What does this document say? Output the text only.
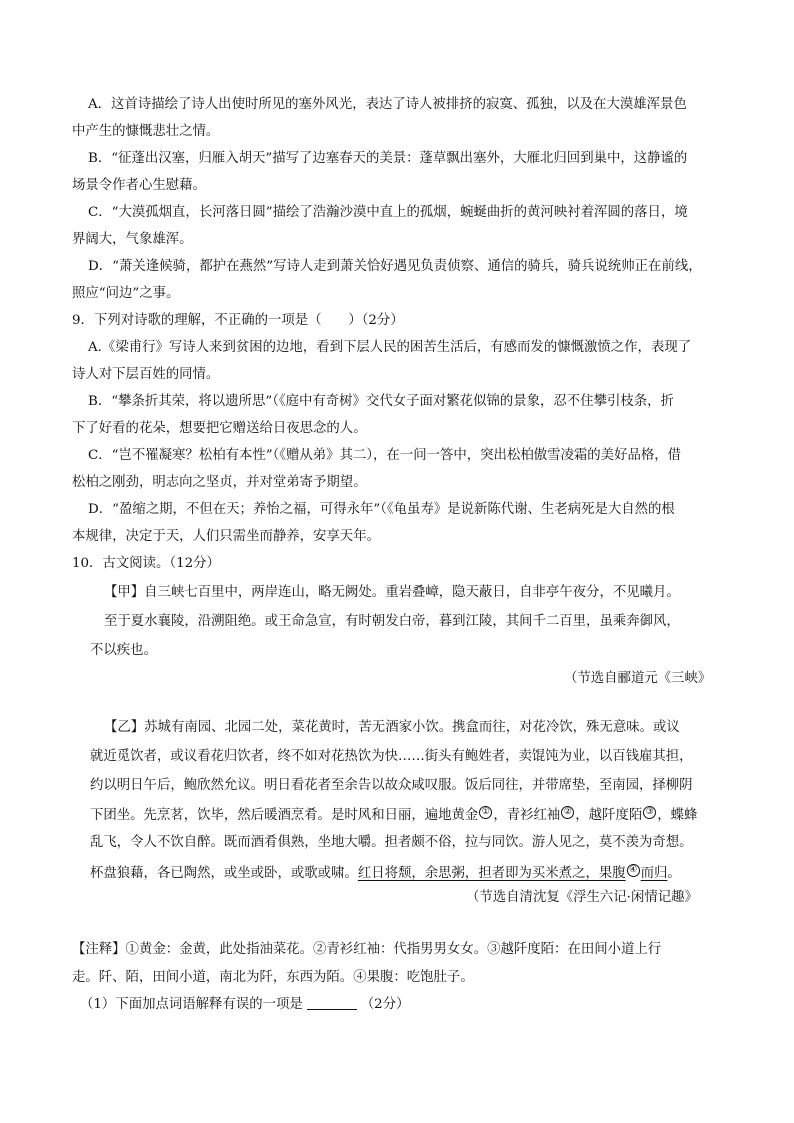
A．这首诗描绘了诗人出使时所见的塞外风光，表达了诗人被排挤的寂寞、孤独，以及在大漠雄浑景色
中产生的慷慨悲壮之情。
B．“征蓬出汉塞，归雁入胡天”描写了边塞春天的美景：蓬草飘出塞外，大雁北归回到巢中，这静谧的
场景令作者心生慰藉。
C．“大漠孤烟直，长河落日圆”描绘了浩瀚沙漠中直上的孤烟，蜿蜒曲折的黄河映衬着浑圆的落日，境
界阔大，气象雄浑。
D．“萧关逢候骑，都护在燕然”写诗人走到萧关恰好遇见负责侦察、通信的骑兵，骑兵说统帅正在前线，
照应“问边”之事。
9．下列对诗歌的理解，不正确的一项是（　　）（2分）
A.《梁甫行》写诗人来到贫困的边地，看到下层人民的困苦生活后，有感而发的慷慨激愤之作，表现了
诗人对下层百姓的同情。
B．“攀条折其荣，将以遗所思”（《庭中有奇树》交代女子面对繁花似锦的景象，忍不住攀引枝条，折
下了好看的花朵，想要把它赠送给日夜思念的人。
C．“岂不罹凝寒？松柏有本性”（《赠从弟》其二），在一问一答中，突出松柏傲雪凌霜的美好品格，借
松柏之刚劲，明志向之坚贞，并对堂弟寄予期望。
D．“盈缩之期，不但在天；养怡之福，可得永年”（《龟虽寿》是说新陈代谢、生老病死是大自然的根
本规律，决定于天，人们只需坐而静养，安享天年。
10．古文阅读。（12分）
【甲】自三峡七百里中，两岸连山，略无阙处。重岩叠嶂，隐天蔽日，自非亭午夜分，不见曦月。
至于夏水襄陵，沿溯阻绝。或王命急宣，有时朝发白帝，暮到江陵，其间千二百里，虽乘奔御风，
不以疾也。
（节选自郦道元《三峡》
【乙】苏城有南园、北园二处，菜花黄时，苦无酒家小饮。携盒而往，对花冷饮，殊无意味。或议
就近觅饮者，或议看花归饮者，终不如对花热饮为快……街头有鲍姓者，卖馄饨为业，以百钱雇其担，
约以明日午后，鲍欣然允议。明日看花者至余告以故众咸叹服。饭后同往，并带席垫，至南园，择柳阴
下团坐。先烹茗，饮毕，然后暖酒烹肴。是时风和日丽，遍地黄金 ① ，青衫红袖 ② ，越阡度陌 ③ ，蝶蜂
乱飞，令人不饮自醉。既而酒肴俱熟，坐地大嚼。担者颇不俗，拉与同饮。游人见之，莫不羡为奇想。
杯盘狼藉，各已陶然，或坐或卧，或歌或啸。红日将颓，余思粥，担者即为买米煮之，果腹 ④ 而归。
（节选自清沈复《浮生六记·闲情记趣》
【注释】①黄金：金黄，此处指油菜花。②青衫红袖：代指男男女女。③越阡度陌：在田间小道上行
走。阡、陌，田间小道，南北为阡，东西为陌。④果腹：吃饱肚子。
（1）下面加点词语解释有误的一项是	（2分）
